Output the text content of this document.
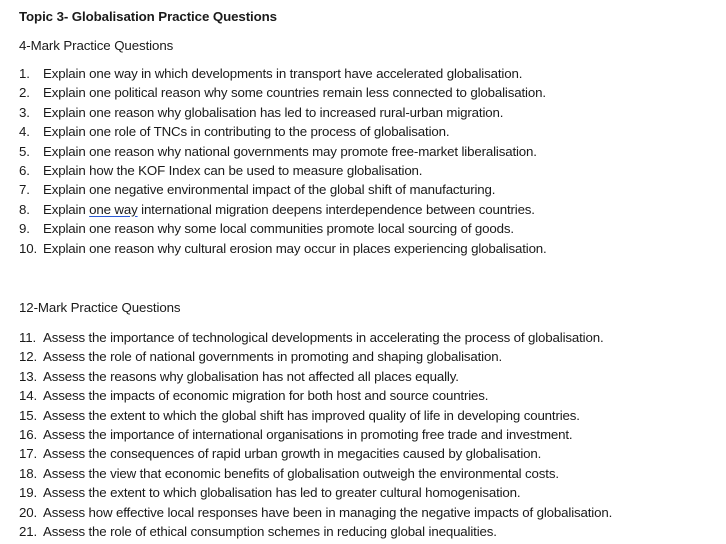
Topic 3- Globalisation Practice Questions
4-Mark Practice Questions
1. Explain one way in which developments in transport have accelerated globalisation.
2. Explain one political reason why some countries remain less connected to globalisation.
3. Explain one reason why globalisation has led to increased rural-urban migration.
4. Explain one role of TNCs in contributing to the process of globalisation.
5. Explain one reason why national governments may promote free-market liberalisation.
6. Explain how the KOF Index can be used to measure globalisation.
7. Explain one negative environmental impact of the global shift of manufacturing.
8. Explain one way international migration deepens interdependence between countries.
9. Explain one reason why some local communities promote local sourcing of goods.
10. Explain one reason why cultural erosion may occur in places experiencing globalisation.
12-Mark Practice Questions
11. Assess the importance of technological developments in accelerating the process of globalisation.
12. Assess the role of national governments in promoting and shaping globalisation.
13. Assess the reasons why globalisation has not affected all places equally.
14. Assess the impacts of economic migration for both host and source countries.
15. Assess the extent to which the global shift has improved quality of life in developing countries.
16. Assess the importance of international organisations in promoting free trade and investment.
17. Assess the consequences of rapid urban growth in megacities caused by globalisation.
18. Assess the view that economic benefits of globalisation outweigh the environmental costs.
19. Assess the extent to which globalisation has led to greater cultural homogenisation.
20. Assess how effective local responses have been in managing the negative impacts of globalisation.
21. Assess the role of ethical consumption schemes in reducing global inequalities.
